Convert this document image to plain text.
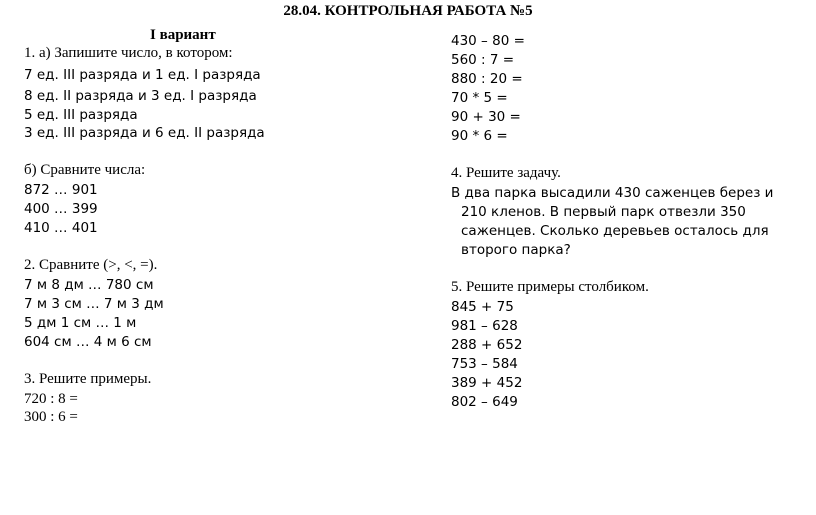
28.04. КОНТРОЛЬНАЯ РАБОТА №5
I вариант
1. а) Запишите число, в котором:
7 ед. III разряда и 1 ед. I разряда
8 ед. II разряда и 3 ед. I разряда
5 ед. III разряда
3 ед. III разряда и 6 ед. II разряда
б) Сравните числа:
872 … 901
400 … 399
410 … 401
2. Сравните (>, <, =).
7 м 8 дм … 780 см
7 м 3 см … 7 м 3 дм
5 дм 1 см … 1 м
604 см … 4 м 6 см
3. Решите примеры.
720 : 8 =
300 : 6 =
430 – 80 =
560 : 7 =
880 : 20 =
70 * 5 =
90 + 30 =
90 * 6 =
4. Решите задачу.
В два парка высадили 430 саженцев берез и
210 кленов. В первый парк отвезли 350
саженцев. Сколько деревьев осталось для
второго парка?
5. Решите примеры столбиком.
845 + 75
981 – 628
288 + 652
753 – 584
389 + 452
802 – 649
